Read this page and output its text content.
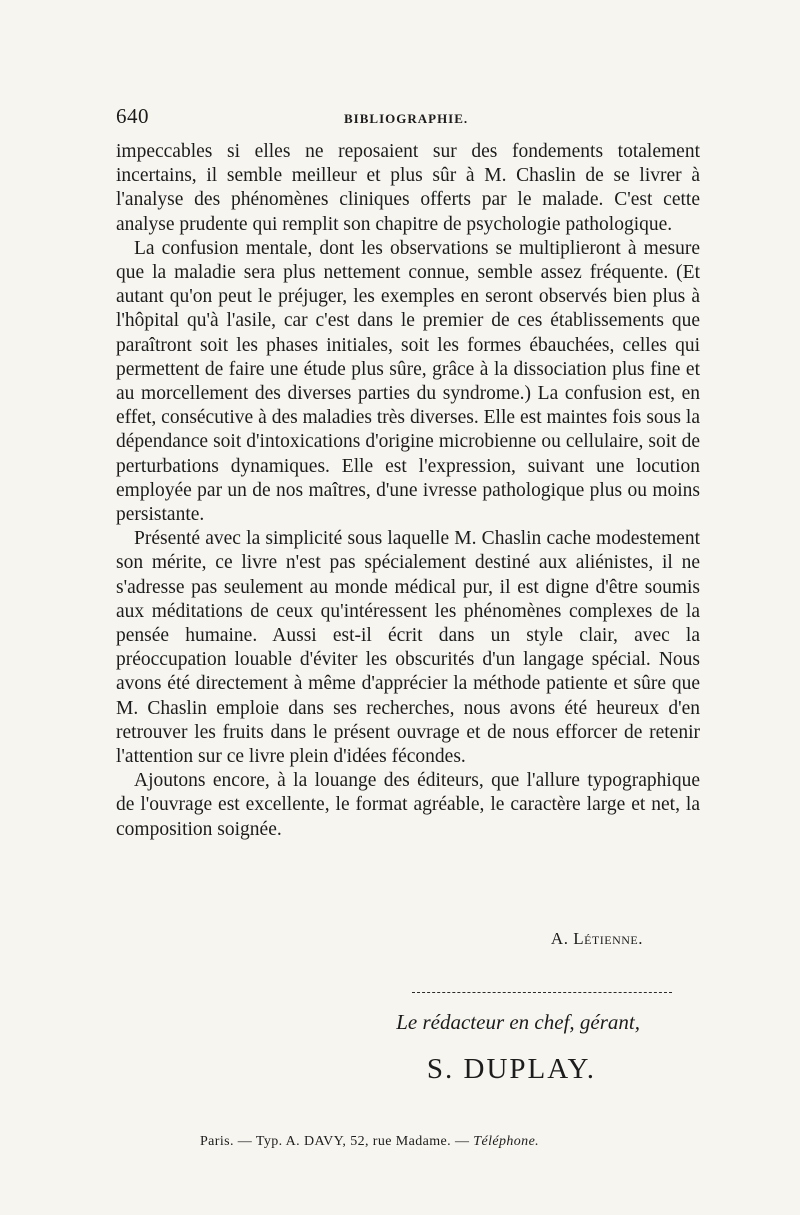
640	BIBLIOGRAPHIE.

impeccables si elles ne reposaient sur des fondements totalement incertains, il semble meilleur et plus sûr à M. Chaslin de se livrer à l'analyse des phénomènes cliniques offerts par le malade. C'est cette analyse prudente qui remplit son chapitre de psychologie pathologique.

La confusion mentale, dont les observations se multiplieront à mesure que la maladie sera plus nettement connue, semble assez fréquente. (Et autant qu'on peut le préjuger, les exemples en seront observés bien plus à l'hôpital qu'à l'asile, car c'est dans le premier de ces établissements que paraîtront soit les phases initiales, soit les formes ébauchées, celles qui permettent de faire une étude plus sûre, grâce à la dissociation plus fine et au morcellement des diverses parties du syndrome.) La confusion est, en effet, consécutive à des maladies très diverses. Elle est maintes fois sous la dépendance soit d'intoxications d'origine microbienne ou cellulaire, soit de perturbations dynamiques. Elle est l'expression, suivant une locution employée par un de nos maîtres, d'une ivresse pathologique plus ou moins persistante.

Présenté avec la simplicité sous laquelle M. Chaslin cache modestement son mérite, ce livre n'est pas spécialement destiné aux aliénistes, il ne s'adresse pas seulement au monde médical pur, il est digne d'être soumis aux méditations de ceux qu'intéressent les phénomènes complexes de la pensée humaine. Aussi est-il écrit dans un style clair, avec la préoccupation louable d'éviter les obscurités d'un langage spécial. Nous avons été directement à même d'apprécier la méthode patiente et sûre que M. Chaslin emploie dans ses recherches, nous avons été heureux d'en retrouver les fruits dans le présent ouvrage et de nous efforcer de retenir l'attention sur ce livre plein d'idées fécondes.

Ajoutons encore, à la louange des éditeurs, que l'allure typographique de l'ouvrage est excellente, le format agréable, le caractère large et net, la composition soignée.

A. Létienne.
Le rédacteur en chef, gérant,
S. DUPLAY.
Paris. — Typ. A. DAVY, 52, rue Madame. — Téléphone.
